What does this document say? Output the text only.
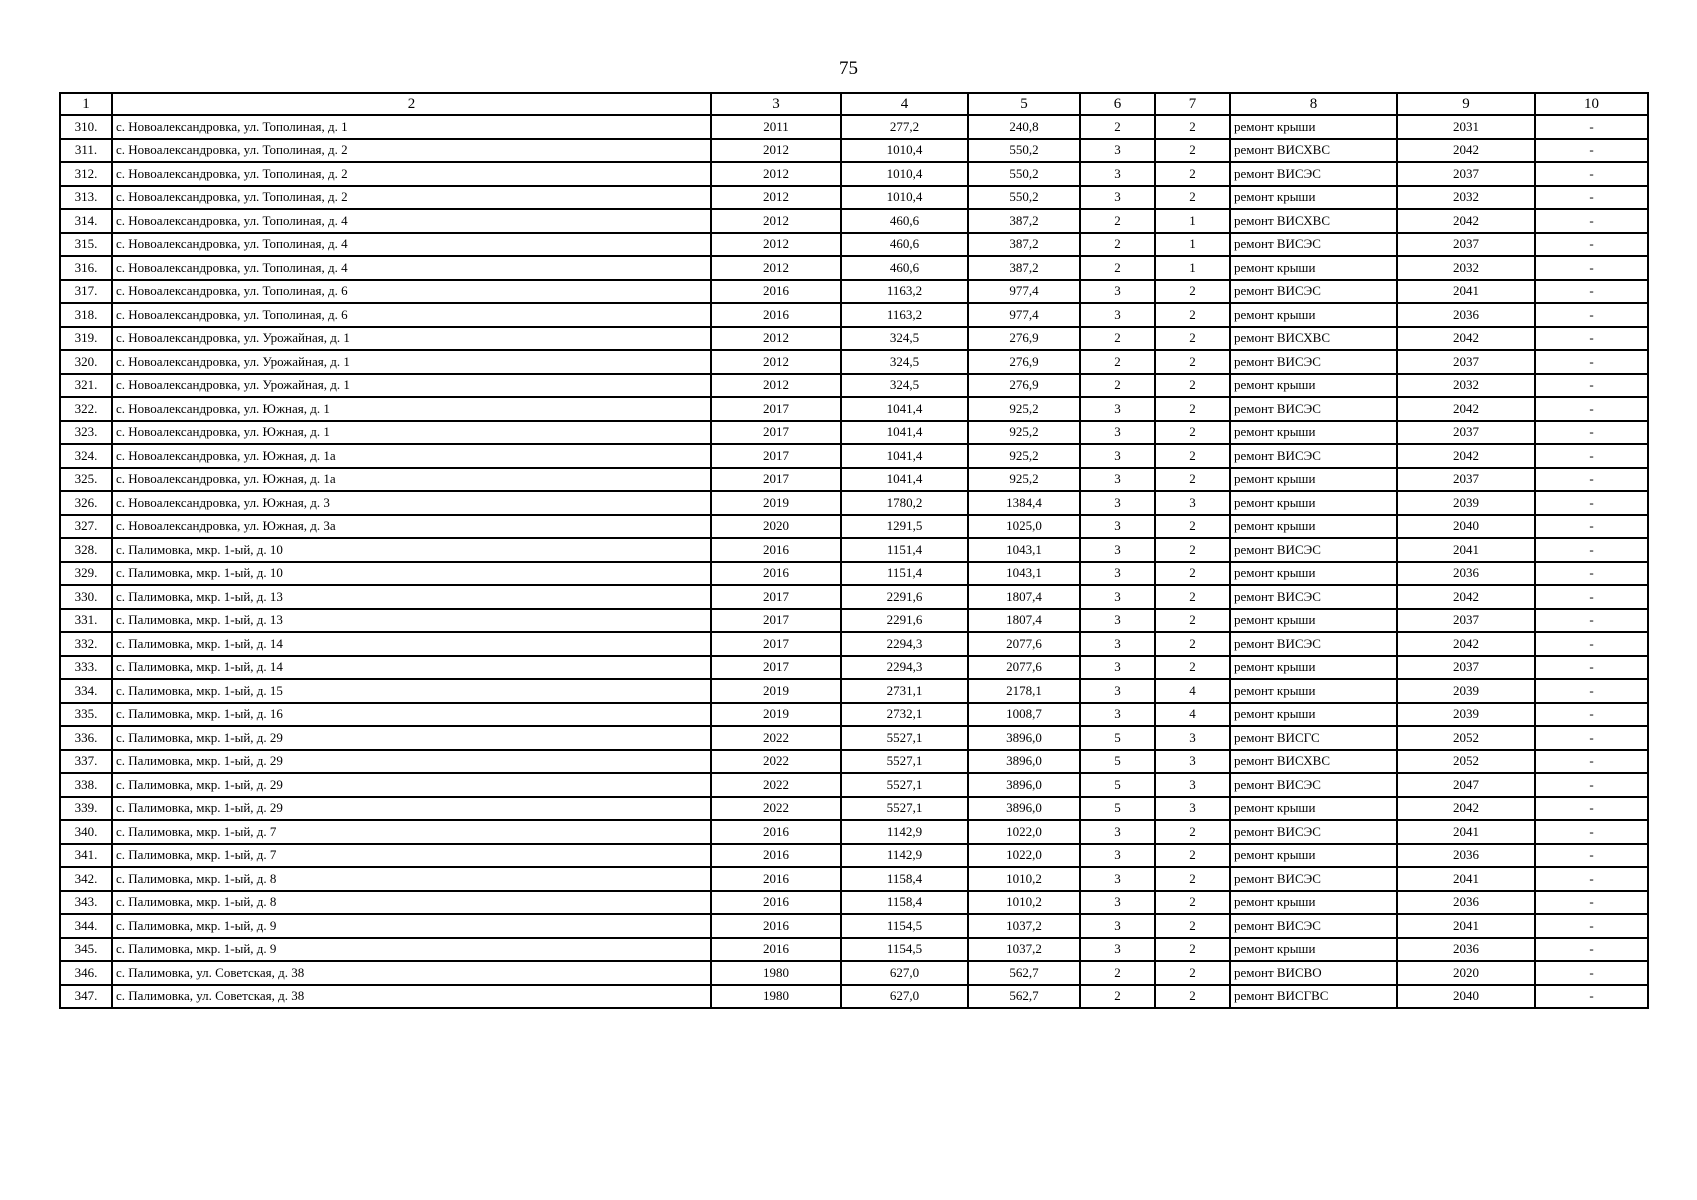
75
1	2	3	4	5	6	7	8	9	10
310.	с. Новоалександровка, ул. Тополиная, д. 1	2011	277,2	240,8	2	2	ремонт крыши	2031	-
311.	с. Новоалександровка, ул. Тополиная, д. 2	2012	1010,4	550,2	3	2	ремонт ВИСХВС	2042	-
312.	с. Новоалександровка, ул. Тополиная, д. 2	2012	1010,4	550,2	3	2	ремонт ВИСЭС	2037	-
313.	с. Новоалександровка, ул. Тополиная, д. 2	2012	1010,4	550,2	3	2	ремонт крыши	2032	-
314.	с. Новоалександровка, ул. Тополиная, д. 4	2012	460,6	387,2	2	1	ремонт ВИСХВС	2042	-
315.	с. Новоалександровка, ул. Тополиная, д. 4	2012	460,6	387,2	2	1	ремонт ВИСЭС	2037	-
316.	с. Новоалександровка, ул. Тополиная, д. 4	2012	460,6	387,2	2	1	ремонт крыши	2032	-
317.	с. Новоалександровка, ул. Тополиная, д. 6	2016	1163,2	977,4	3	2	ремонт ВИСЭС	2041	-
318.	с. Новоалександровка, ул. Тополиная, д. 6	2016	1163,2	977,4	3	2	ремонт крыши	2036	-
319.	с. Новоалександровка, ул. Урожайная, д. 1	2012	324,5	276,9	2	2	ремонт ВИСХВС	2042	-
320.	с. Новоалександровка, ул. Урожайная, д. 1	2012	324,5	276,9	2	2	ремонт ВИСЭС	2037	-
321.	с. Новоалександровка, ул. Урожайная, д. 1	2012	324,5	276,9	2	2	ремонт крыши	2032	-
322.	с. Новоалександровка, ул. Южная, д. 1	2017	1041,4	925,2	3	2	ремонт ВИСЭС	2042	-
323.	с. Новоалександровка, ул. Южная, д. 1	2017	1041,4	925,2	3	2	ремонт крыши	2037	-
324.	с. Новоалександровка, ул. Южная, д. 1а	2017	1041,4	925,2	3	2	ремонт ВИСЭС	2042	-
325.	с. Новоалександровка, ул. Южная, д. 1а	2017	1041,4	925,2	3	2	ремонт крыши	2037	-
326.	с. Новоалександровка, ул. Южная, д. 3	2019	1780,2	1384,4	3	3	ремонт крыши	2039	-
327.	с. Новоалександровка, ул. Южная, д. 3а	2020	1291,5	1025,0	3	2	ремонт крыши	2040	-
328.	с. Палимовка, мкр. 1-ый, д. 10	2016	1151,4	1043,1	3	2	ремонт ВИСЭС	2041	-
329.	с. Палимовка, мкр. 1-ый, д. 10	2016	1151,4	1043,1	3	2	ремонт крыши	2036	-
330.	с. Палимовка, мкр. 1-ый, д. 13	2017	2291,6	1807,4	3	2	ремонт ВИСЭС	2042	-
331.	с. Палимовка, мкр. 1-ый, д. 13	2017	2291,6	1807,4	3	2	ремонт крыши	2037	-
332.	с. Палимовка, мкр. 1-ый, д. 14	2017	2294,3	2077,6	3	2	ремонт ВИСЭС	2042	-
333.	с. Палимовка, мкр. 1-ый, д. 14	2017	2294,3	2077,6	3	2	ремонт крыши	2037	-
334.	с. Палимовка, мкр. 1-ый, д. 15	2019	2731,1	2178,1	3	4	ремонт крыши	2039	-
335.	с. Палимовка, мкр. 1-ый, д. 16	2019	2732,1	1008,7	3	4	ремонт крыши	2039	-
336.	с. Палимовка, мкр. 1-ый, д. 29	2022	5527,1	3896,0	5	3	ремонт ВИСГС	2052	-
337.	с. Палимовка, мкр. 1-ый, д. 29	2022	5527,1	3896,0	5	3	ремонт ВИСХВС	2052	-
338.	с. Палимовка, мкр. 1-ый, д. 29	2022	5527,1	3896,0	5	3	ремонт ВИСЭС	2047	-
339.	с. Палимовка, мкр. 1-ый, д. 29	2022	5527,1	3896,0	5	3	ремонт крыши	2042	-
340.	с. Палимовка, мкр. 1-ый, д. 7	2016	1142,9	1022,0	3	2	ремонт ВИСЭС	2041	-
341.	с. Палимовка, мкр. 1-ый, д. 7	2016	1142,9	1022,0	3	2	ремонт крыши	2036	-
342.	с. Палимовка, мкр. 1-ый, д. 8	2016	1158,4	1010,2	3	2	ремонт ВИСЭС	2041	-
343.	с. Палимовка, мкр. 1-ый, д. 8	2016	1158,4	1010,2	3	2	ремонт крыши	2036	-
344.	с. Палимовка, мкр. 1-ый, д. 9	2016	1154,5	1037,2	3	2	ремонт ВИСЭС	2041	-
345.	с. Палимовка, мкр. 1-ый, д. 9	2016	1154,5	1037,2	3	2	ремонт крыши	2036	-
346.	с. Палимовка, ул. Советская, д. 38	1980	627,0	562,7	2	2	ремонт ВИСВО	2020	-
347.	с. Палимовка, ул. Советская, д. 38	1980	627,0	562,7	2	2	ремонт ВИСГВС	2040	-
